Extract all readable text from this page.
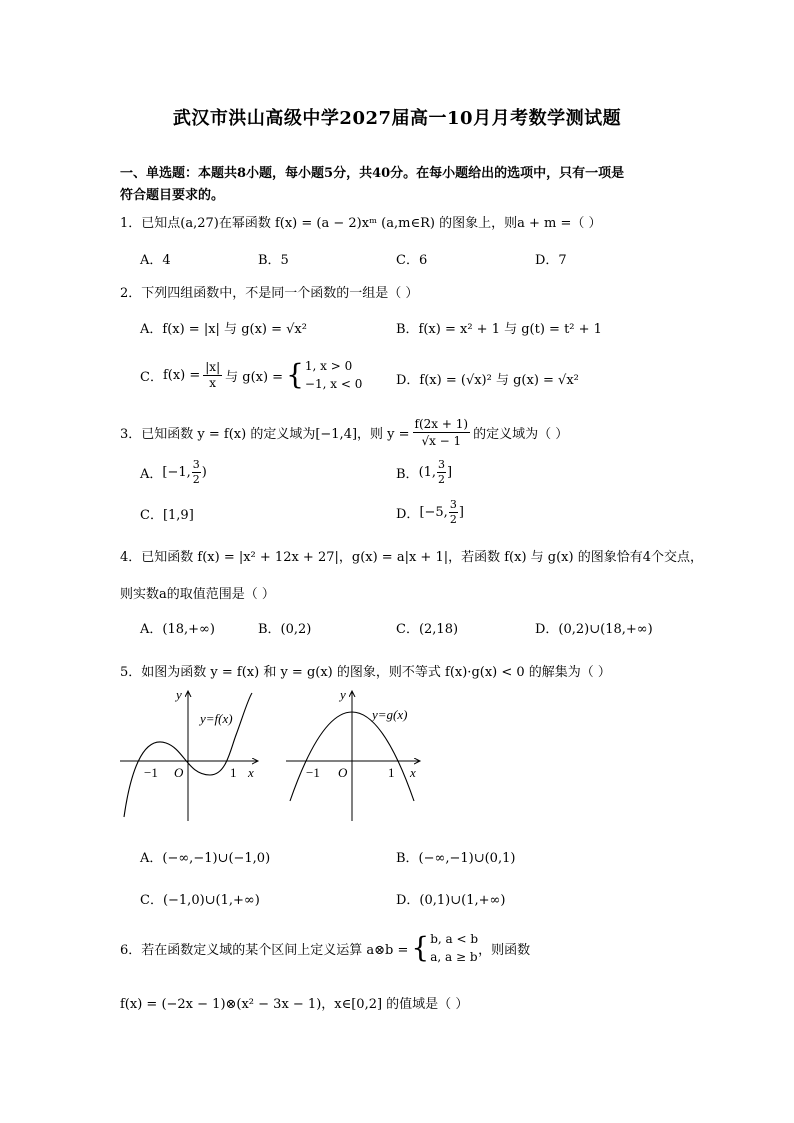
武汉市洪山高级中学2027届高一10月月考数学测试题
一、单选题：本题共8小题，每小题5分，共40分。在每小题给出的选项中，只有一项是
符合题目要求的。
1．已知点(a,27)在幂函数 f(x) = (a − 2)xᵐ (a,m∈R) 的图象上，则a + m =（ ）
A．4	B．5	C．6	D．7
2．下列四组函数中，不是同一个函数的一组是（ ）
A．f(x) = |x| 与 g(x) = √x²	B．f(x) = x² + 1 与 g(t) = t² + 1
C． $f(x) = \frac{|x|}{x}$ 与 g(x) = { 1, x > 0
−1, x < 0	D．f(x) = (√x)² 与 g(x) = √x²
3．已知函数 y = f(x) 的定义域为[−1,4]，则 $y = \frac{f(2x + 1)}{√x - 1}$ 的定义域为（ ）
A． [−1, $\frac{3}{2}$ )	B． (1, $\frac{3}{2}$ ]
C．[1,9]	D． [−5, $\frac{3}{2}$ ]
4．已知函数 f(x) = |x² + 12x + 27|，g(x) = a|x + 1|，若函数 f(x) 与 g(x) 的图象恰有4个交点，
则实数a的取值范围是（ ）
A．(18,+∞)	B．(0,2)	C．(2,18)	D．(0,2)∪(18,+∞)
5．如图为函数 y = f(x) 和 y = g(x) 的图象，则不等式 f(x)·g(x) < 0 的解集为（ ）
y=f(x)
y
x
O
−1	1
y=g(x)
y
x
O
−1	1
A．(−∞,−1)∪(−1,0)	B．(−∞,−1)∪(0,1)
C．(−1,0)∪(1,+∞)	D．(0,1)∪(1,+∞)
6．若在函数定义域的某个区间上定义运算 a⊗b = { b, a < b
a, a ≥ b ，则函数
f(x) = (−2x − 1)⊗(x² − 3x − 1)，x∈[0,2] 的值域是（ ）
